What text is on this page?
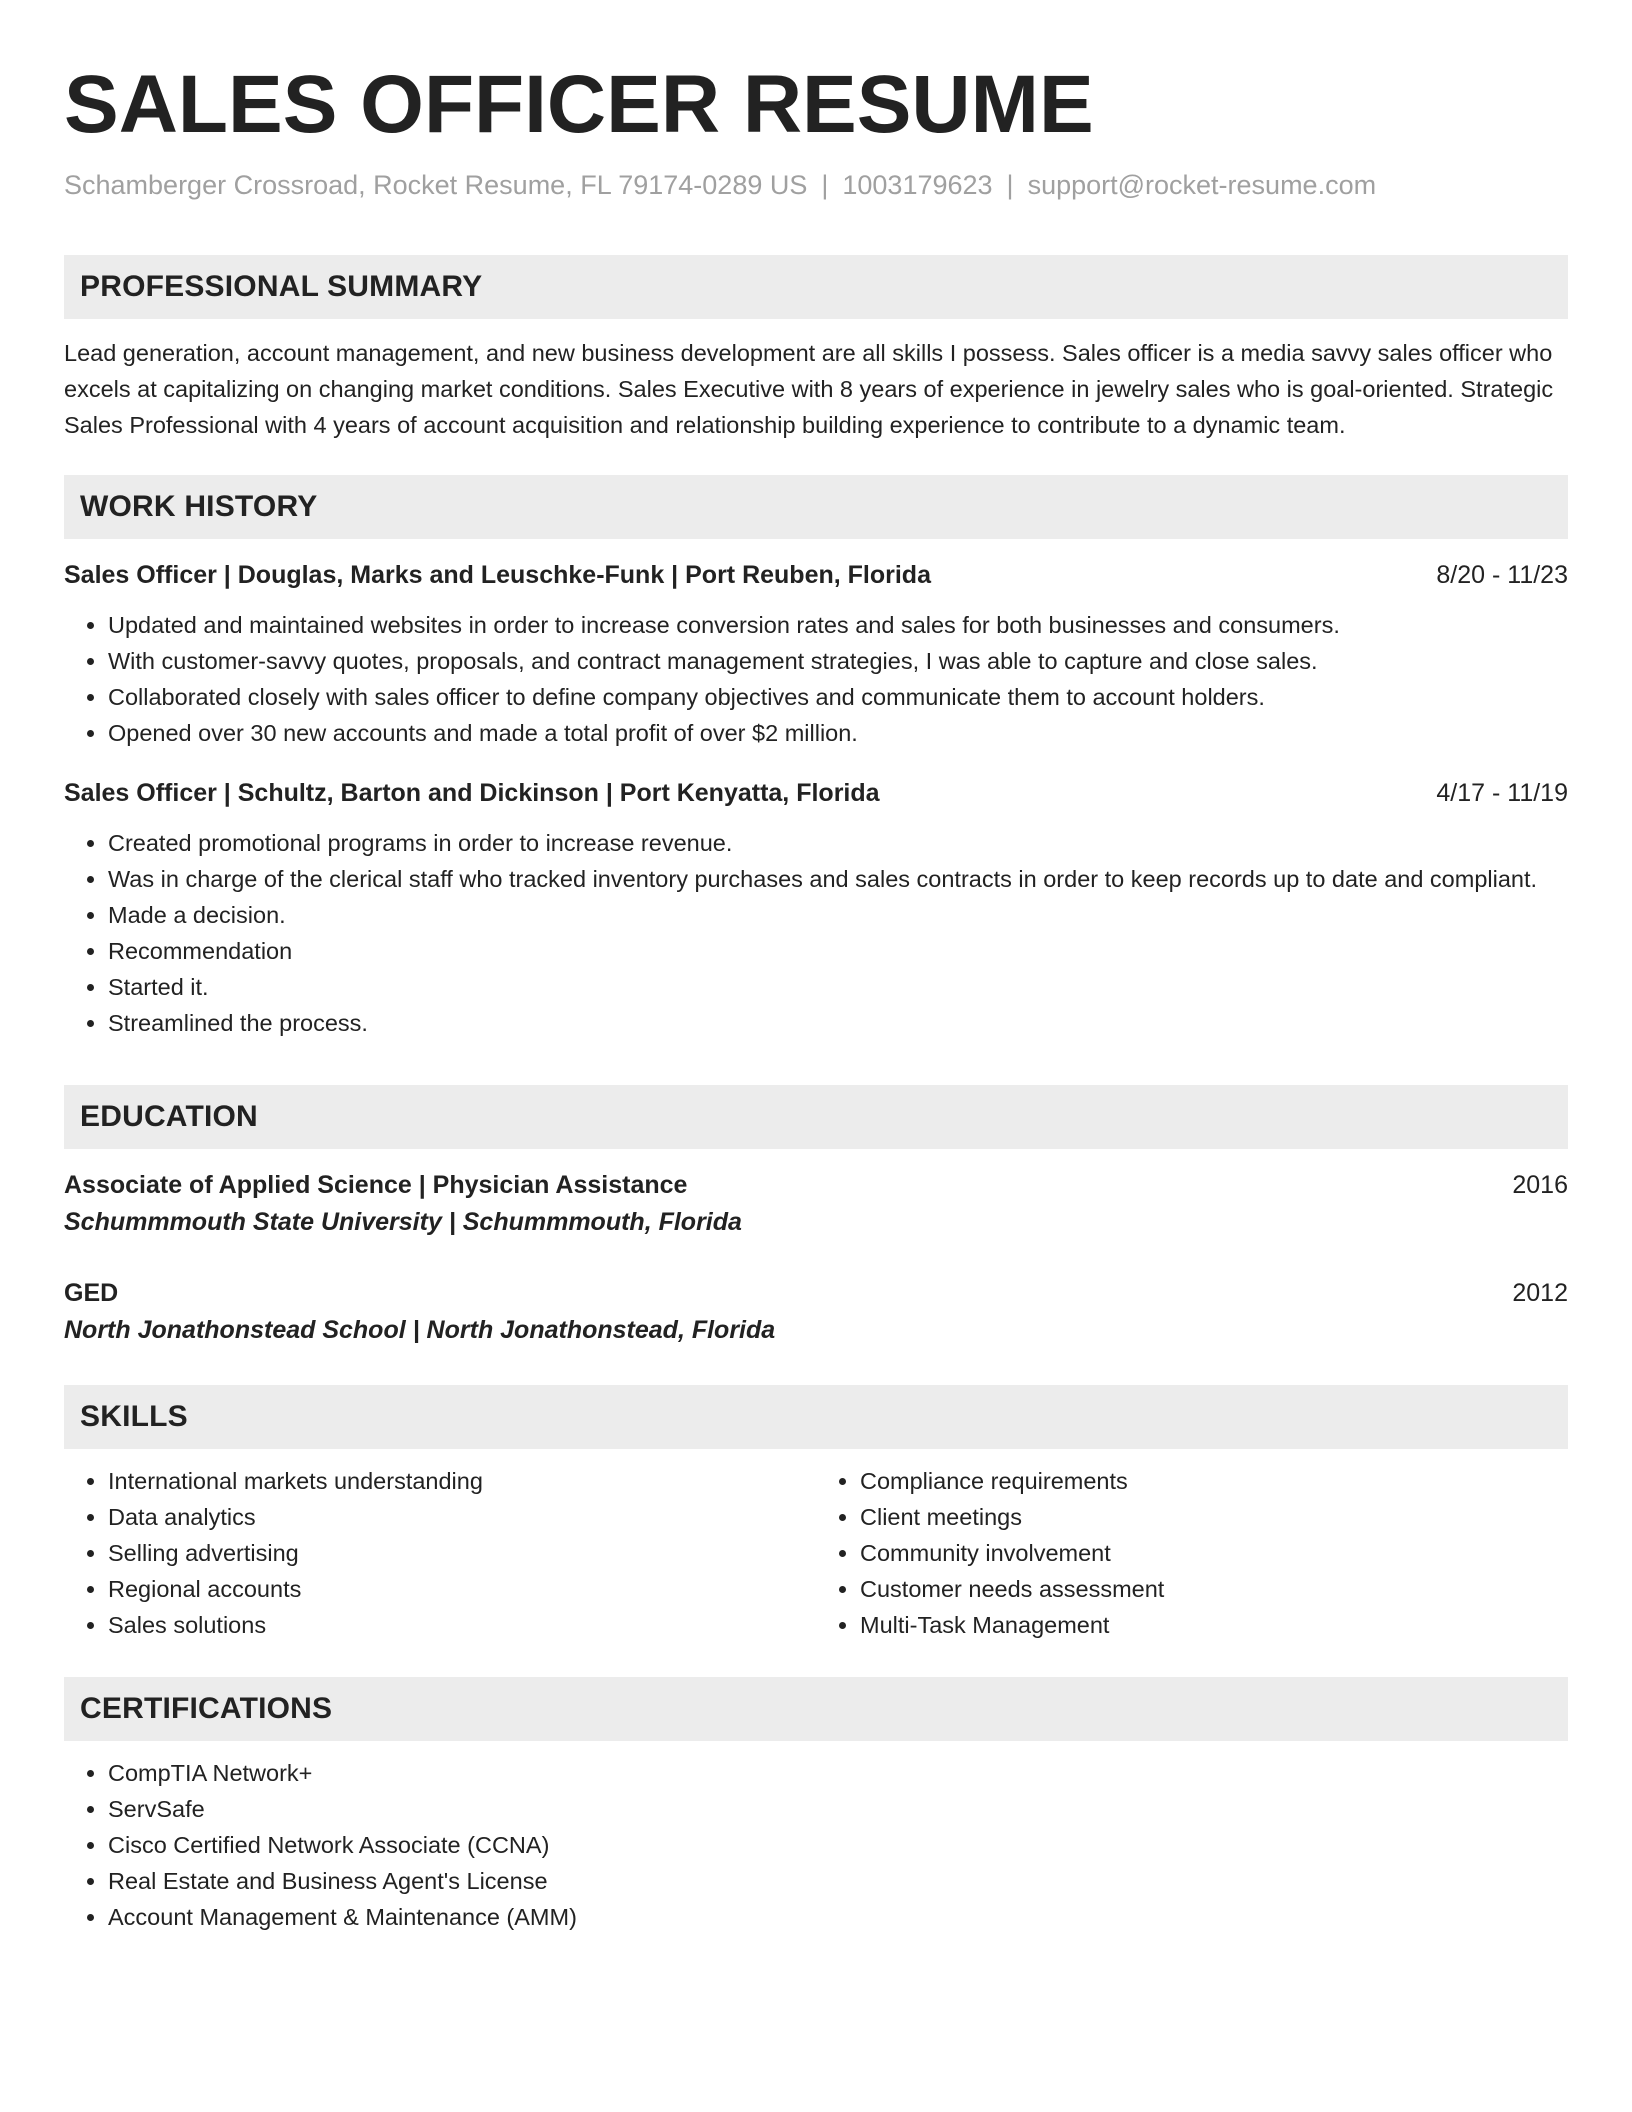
SALES OFFICER RESUME
Schamberger Crossroad, Rocket Resume, FL 79174-0289 US | 1003179623 | support@rocket-resume.com
PROFESSIONAL SUMMARY
Lead generation, account management, and new business development are all skills I possess. Sales officer is a media savvy sales officer who excels at capitalizing on changing market conditions. Sales Executive with 8 years of experience in jewelry sales who is goal-oriented. Strategic Sales Professional with 4 years of account acquisition and relationship building experience to contribute to a dynamic team.
WORK HISTORY
Sales Officer | Douglas, Marks and Leuschke-Funk | Port Reuben, Florida	8/20 - 11/23
• Updated and maintained websites in order to increase conversion rates and sales for both businesses and consumers.
• With customer-savvy quotes, proposals, and contract management strategies, I was able to capture and close sales.
• Collaborated closely with sales officer to define company objectives and communicate them to account holders.
• Opened over 30 new accounts and made a total profit of over $2 million.
Sales Officer | Schultz, Barton and Dickinson | Port Kenyatta, Florida	4/17 - 11/19
• Created promotional programs in order to increase revenue.
• Was in charge of the clerical staff who tracked inventory purchases and sales contracts in order to keep records up to date and compliant.
• Made a decision.
• Recommendation
• Started it.
• Streamlined the process.
EDUCATION
Associate of Applied Science | Physician Assistance	2016
Schummmouth State University | Schummmouth, Florida
GED	2012
North Jonathonstead School | North Jonathonstead, Florida
SKILLS
• International markets understanding
• Data analytics
• Selling advertising
• Regional accounts
• Sales solutions
• Compliance requirements
• Client meetings
• Community involvement
• Customer needs assessment
• Multi-Task Management
CERTIFICATIONS
• CompTIA Network+
• ServSafe
• Cisco Certified Network Associate (CCNA)
• Real Estate and Business Agent's License
• Account Management & Maintenance (AMM)
